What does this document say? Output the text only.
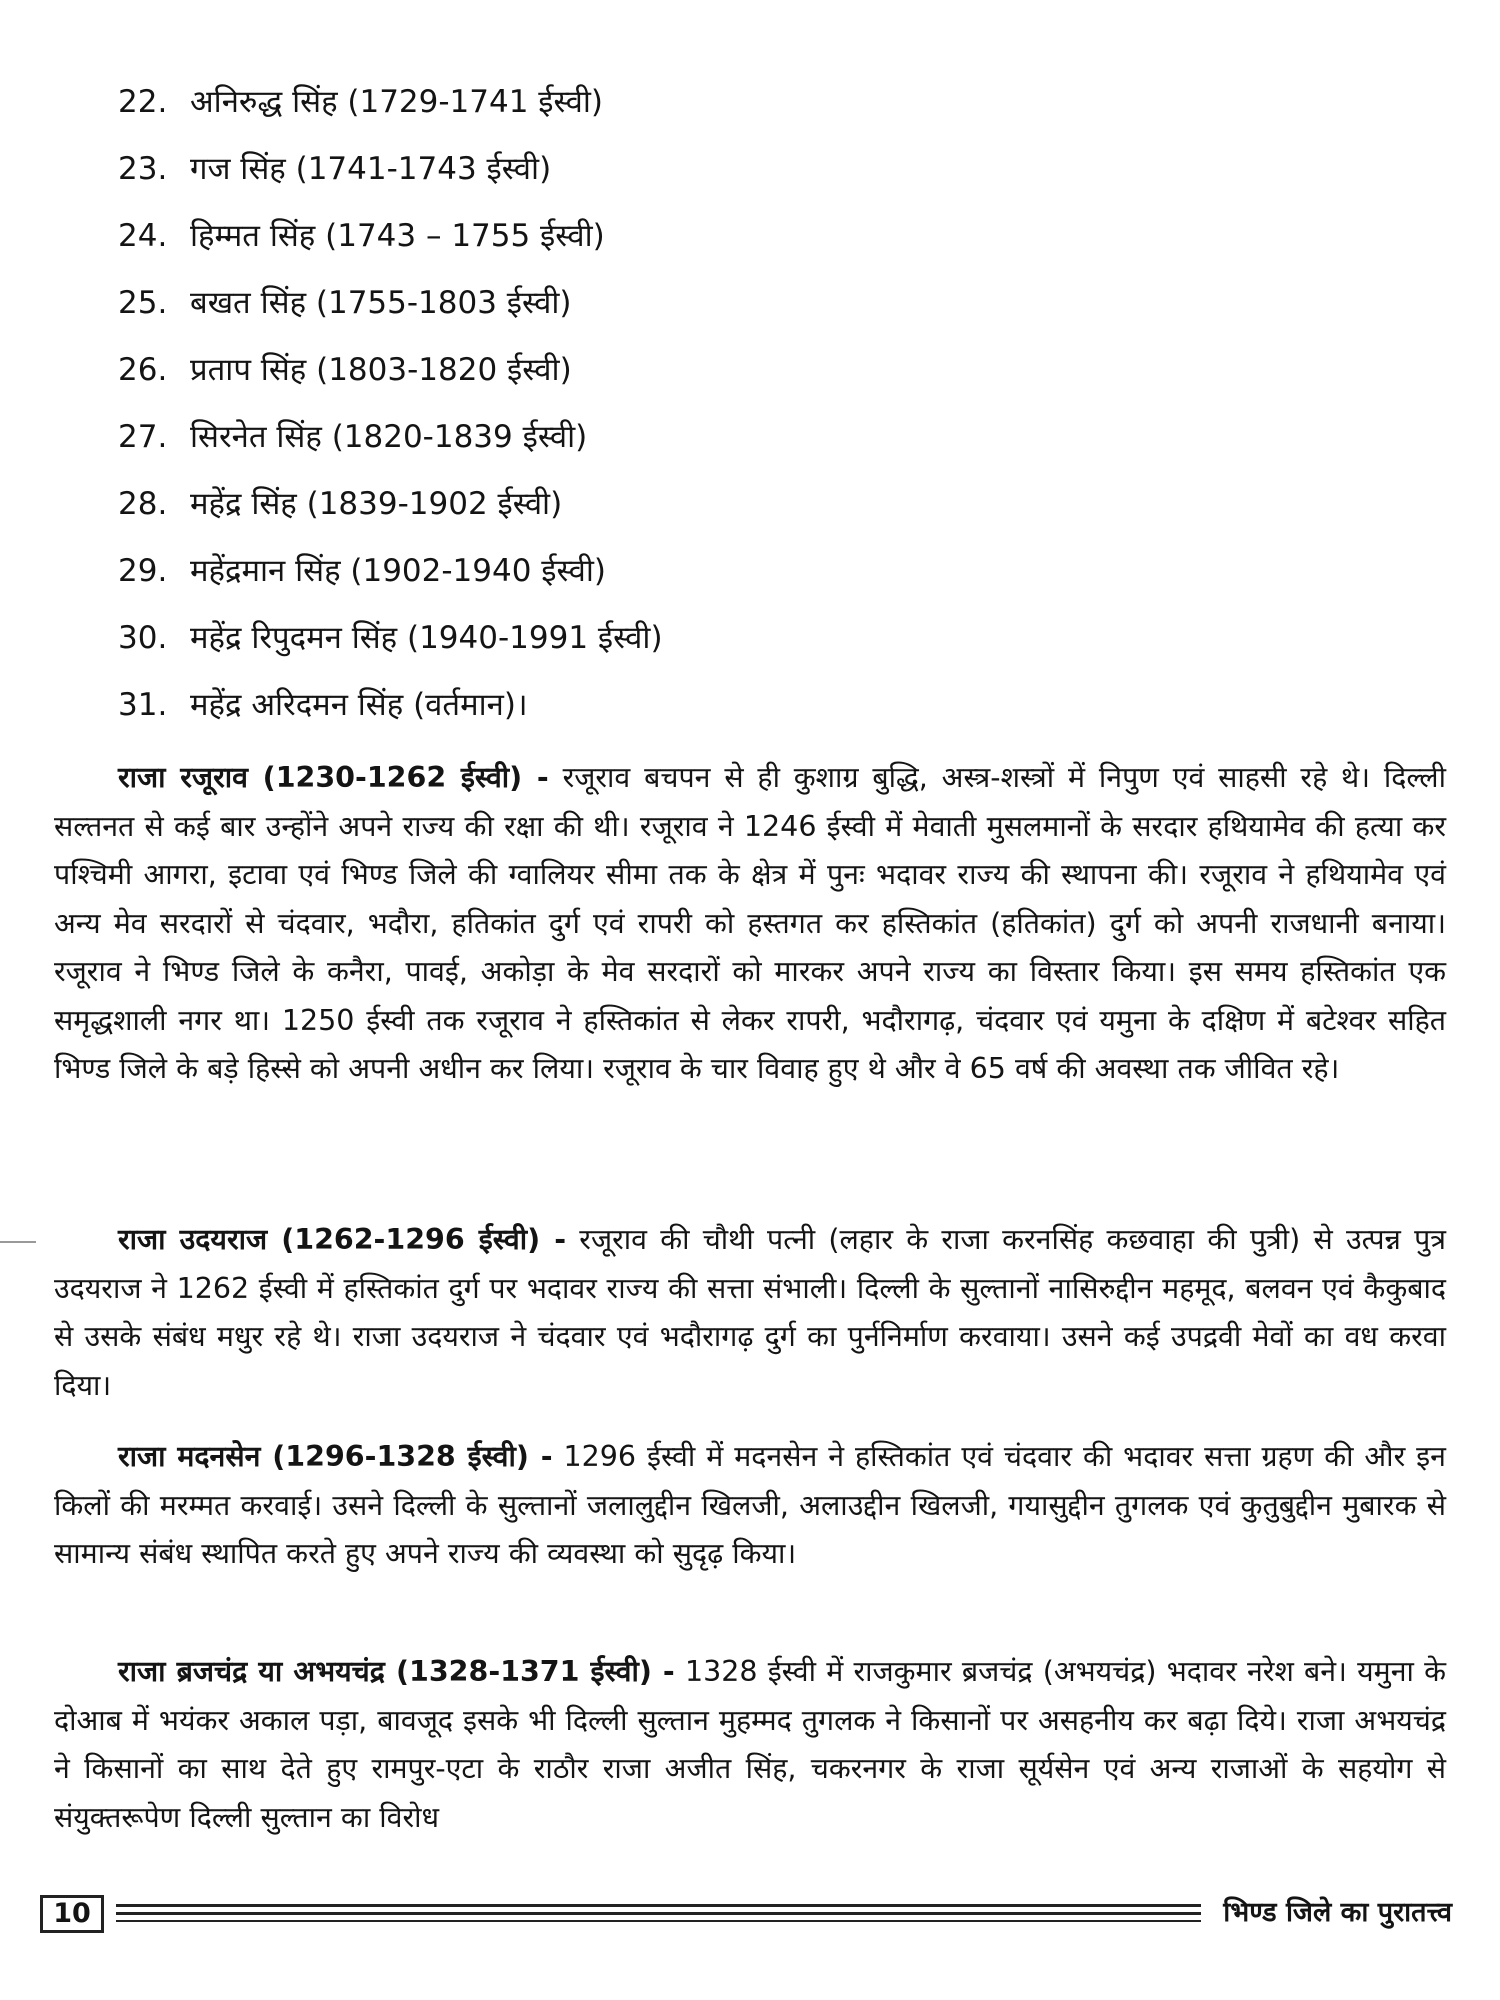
22. अनिरुद्ध सिंह (1729-1741 ईस्वी)
23. गज सिंह (1741-1743 ईस्वी)
24. हिम्मत सिंह (1743 – 1755 ईस्वी)
25. बखत सिंह (1755-1803 ईस्वी)
26. प्रताप सिंह (1803-1820 ईस्वी)
27. सिरनेत सिंह (1820-1839 ईस्वी)
28. महेंद्र सिंह (1839-1902 ईस्वी)
29. महेंद्रमान सिंह (1902-1940 ईस्वी)
30. महेंद्र रिपुदमन सिंह (1940-1991 ईस्वी)
31. महेंद्र अरिदमन सिंह (वर्तमान)।

राजा रजूराव (1230-1262 ईस्वी) - रजूराव बचपन से ही कुशाग्र बुद्धि, अस्त्र-शस्त्रों में निपुण एवं साहसी रहे थे। दिल्ली सल्तनत से कई बार उन्होंने अपने राज्य की रक्षा की थी। रजूराव ने 1246 ईस्वी में मेवाती मुसलमानों के सरदार हथियामेव की हत्या कर पश्चिमी आगरा, इटावा एवं भिण्ड जिले की ग्वालियर सीमा तक के क्षेत्र में पुनः भदावर राज्य की स्थापना की। रजूराव ने हथियामेव एवं अन्य मेव सरदारों से चंदवार, भदौरा, हतिकांत दुर्ग एवं रापरी को हस्तगत कर हस्तिकांत (हतिकांत) दुर्ग को अपनी राजधानी बनाया। रजूराव ने भिण्ड जिले के कनैरा, पावई, अकोड़ा के मेव सरदारों को मारकर अपने राज्य का विस्तार किया। इस समय हस्तिकांत एक समृद्धशाली नगर था। 1250 ईस्वी तक रजूराव ने हस्तिकांत से लेकर रापरी, भदौरागढ़, चंदवार एवं यमुना के दक्षिण में बटेश्वर सहित भिण्ड जिले के बड़े हिस्से को अपनी अधीन कर लिया। रजूराव के चार विवाह हुए थे और वे 65 वर्ष की अवस्था तक जीवित रहे।

राजा उदयराज (1262-1296 ईस्वी) - रजूराव की चौथी पत्नी (लहार के राजा करनसिंह कछवाहा की पुत्री) से उत्पन्न पुत्र उदयराज ने 1262 ईस्वी में हस्तिकांत दुर्ग पर भदावर राज्य की सत्ता संभाली। दिल्ली के सुल्तानों नासिरुद्दीन महमूद, बलवन एवं कैकुबाद से उसके संबंध मधुर रहे थे। राजा उदयराज ने चंदवार एवं भदौरागढ़ दुर्ग का पुर्ननिर्माण करवाया। उसने कई उपद्रवी मेवों का वध करवा दिया।

राजा मदनसेन (1296-1328 ईस्वी) - 1296 ईस्वी में मदनसेन ने हस्तिकांत एवं चंदवार की भदावर सत्ता ग्रहण की और इन किलों की मरम्मत करवाई। उसने दिल्ली के सुल्तानों जलालुद्दीन खिलजी, अलाउद्दीन खिलजी, गयासुद्दीन तुगलक एवं कुतुबुद्दीन मुबारक से सामान्य संबंध स्थापित करते हुए अपने राज्य की व्यवस्था को सुदृढ़ किया।

राजा ब्रजचंद्र या अभयचंद्र (1328-1371 ईस्वी) - 1328 ईस्वी में राजकुमार ब्रजचंद्र (अभयचंद्र) भदावर नरेश बने। यमुना के दोआब में भयंकर अकाल पड़ा, बावजूद इसके भी दिल्ली सुल्तान मुहम्मद तुगलक ने किसानों पर असहनीय कर बढ़ा दिये। राजा अभयचंद्र ने किसानों का साथ देते हुए रामपुर-एटा के राठौर राजा अजीत सिंह, चकरनगर के राजा सूर्यसेन एवं अन्य राजाओं के सहयोग से संयुक्तरूपेण दिल्ली सुल्तान का विरोध

10	भिण्ड जिले का पुरातत्त्व
